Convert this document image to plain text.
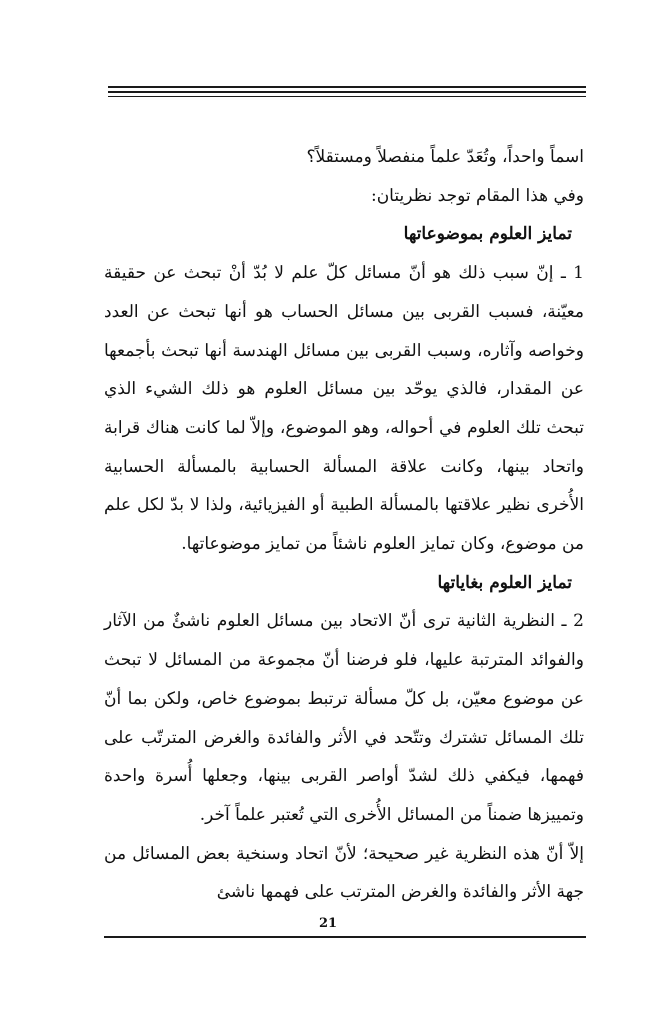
اسماً واحداً، وتُعَدّ علماً منفصلاً ومستقلاً؟

وفي هذا المقام توجد نظريتان:

تمايز العلوم بموضوعاتها

1 ـ إنّ سبب ذلك هو أنّ مسائل كلّ علم لا بُدّ أنْ تبحث عن حقيقة معيّنة، فسبب القربى بين مسائل الحساب هو أنها تبحث عن العدد وخواصه وآثاره، وسبب القربى بين مسائل الهندسة أنها تبحث بأجمعها عن المقدار، فالذي يوحّد بين مسائل العلوم هو ذلك الشيء الذي تبحث تلك العلوم في أحواله، وهو الموضوع، وإلاّ لما كانت هناك قرابة واتحاد بينها، وكانت علاقة المسألة الحسابية بالمسألة الحسابية الأُخرى نظير علاقتها بالمسألة الطبية أو الفيزيائية، ولذا لا بدّ لكل علم من موضوع، وكان تمايز العلوم ناشئاً من تمايز موضوعاتها.

تمايز العلوم بغاياتها

2 ـ النظرية الثانية ترى أنّ الاتحاد بين مسائل العلوم ناشئٌ من الآثار والفوائد المترتبة عليها، فلو فرضنا أنّ مجموعة من المسائل لا تبحث عن موضوع معيّن، بل كلّ مسألة ترتبط بموضوع خاص، ولكن بما أنّ تلك المسائل تشترك وتتّحد في الأثر والفائدة والغرض المترتّب على فهمها، فيكفي ذلك لشدّ أواصر القربى بينها، وجعلها أُسرة واحدة وتمييزها ضمناً من المسائل الأُخرى التي تُعتبر علماً آخر.

إلاّ أنّ هذه النظرية غير صحيحة؛ لأنّ اتحاد وسنخية بعض المسائل من جهة الأثر والفائدة والغرض المترتب على فهمها ناشئ

21
